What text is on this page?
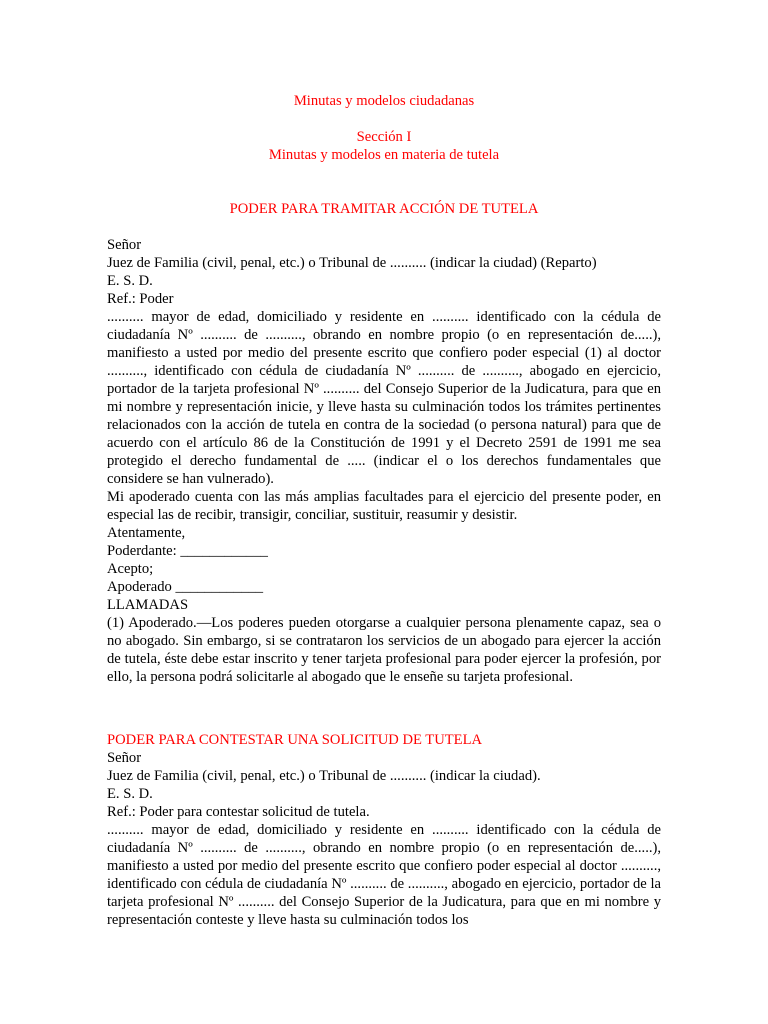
Minutas y modelos ciudadanas
Sección I
Minutas y modelos en materia de tutela
PODER PARA TRAMITAR ACCIÓN DE TUTELA
Señor
Juez de Familia (civil, penal, etc.) o Tribunal de .......... (indicar la ciudad) (Reparto)
E. S. D.
Ref.: Poder

.......... mayor de edad, domiciliado y residente en .......... identificado con la cédula de ciudadanía Nº .......... de .........., obrando en nombre propio (o en representación de.....), manifiesto a usted por medio del presente escrito que confiero poder especial (1) al doctor .........., identificado con cédula de ciudadanía Nº .......... de .........., abogado en ejercicio, portador de la tarjeta profesional Nº .......... del Consejo Superior de la Judicatura, para que en mi nombre y representación inicie, y lleve hasta su culminación todos los trámites pertinentes relacionados con la acción de tutela en contra de la sociedad (o persona natural) para que de acuerdo con el artículo 86 de la Constitución de 1991 y el Decreto 2591 de 1991 me sea protegido el derecho fundamental de ..... (indicar el o los derechos fundamentales que considere se han vulnerado).

Mi apoderado cuenta con las más amplias facultades para el ejercicio del presente poder, en especial las de recibir, transigir, conciliar, sustituir, reasumir y desistir.

Atentamente,
Poderdante: ____________
Acepto;
Apoderado ____________
LLAMADAS

(1) Apoderado.—Los poderes pueden otorgarse a cualquier persona plenamente capaz, sea o no abogado. Sin embargo, si se contrataron los servicios de un abogado para ejercer la acción de tutela, éste debe estar inscrito y tener tarjeta profesional para poder ejercer la profesión, por ello, la persona podrá solicitarle al abogado que le enseñe su tarjeta profesional.

PODER PARA CONTESTAR UNA SOLICITUD DE TUTELA
Señor
Juez de Familia (civil, penal, etc.) o Tribunal de .......... (indicar la ciudad).
E. S. D.
Ref.: Poder para contestar solicitud de tutela.

.......... mayor de edad, domiciliado y residente en .......... identificado con la cédula de ciudadanía Nº .......... de .........., obrando en nombre propio (o en representación de.....), manifiesto a usted por medio del presente escrito que confiero poder especial al doctor .........., identificado con cédula de ciudadanía Nº .......... de .........., abogado en ejercicio, portador de la tarjeta profesional Nº .......... del Consejo Superior de la Judicatura, para que en mi nombre y representación conteste y lleve hasta su culminación todos los
